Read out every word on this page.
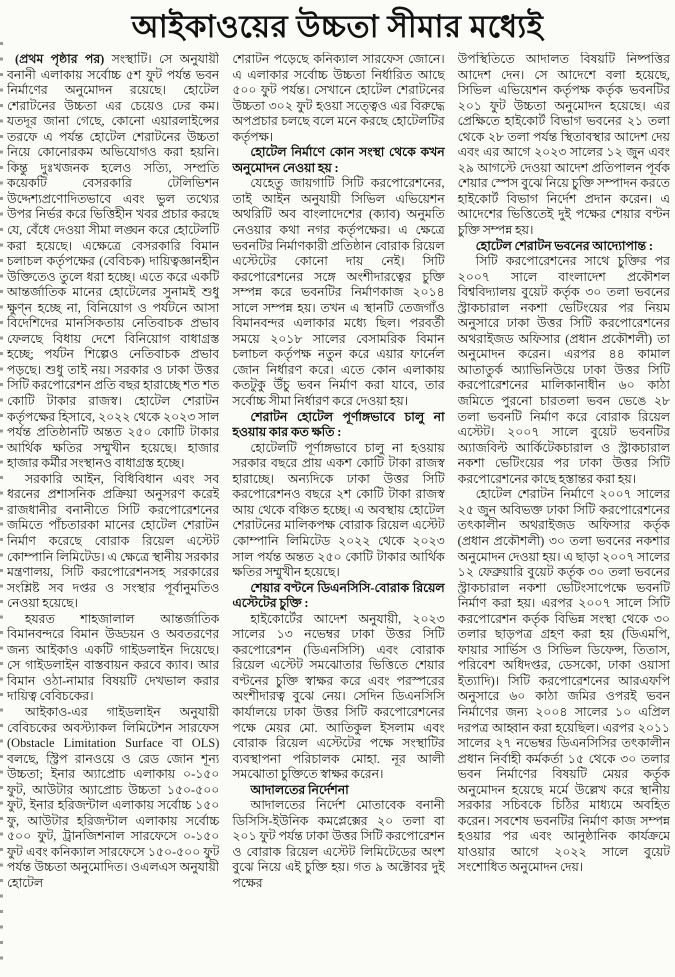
আইকাওয়ের উচ্চতা সীমার মধ্যেই

(প্রথম পৃষ্ঠার পর) সংস্থাটি। সে অনুযায়ী বনানী এলাকায় সর্বোচ্চ ৫শ ফুট পর্যন্ত ভবন নির্মাণের অনুমোদন রয়েছে। হোটেল শেরাটনের উচ্চতা এর চেয়েও ঢের কম। যতদূর জানা গেছে, কোনো এয়ারলাইন্সের তরফে এ পর্যন্ত হোটেল শেরাটনের উচ্চতা নিয়ে কোনোরকম অভিযোগও করা হয়নি। কিন্তু দুঃখজনক হলেও সত্যি, সম্প্রতি কয়েকটি বেসরকারি টেলিভিশন উদ্দেশ্যপ্রণোদিতভাবে এবং ভুল তথ্যের উপর নির্ভর করে ভিত্তিহীন খবর প্রচার করছে যে, বেঁধে দেওয়া সীমা লঙ্ঘন করে হোটেলটি করা হয়েছে। এক্ষেত্রে বেসরকারি বিমান চলাচল কর্তৃপক্ষের (বেবিচক) দায়িত্বজ্ঞানহীন উক্তিতেও তুলে ধরা হচ্ছে। এতে করে একটি আন্তর্জাতিক মানের হোটেলের সুনামই শুধু ক্ষুণ্ন হচ্ছে না, বিনিয়োগ ও পর্যটনে আসা বিদেশিদের মানসিকতায় নেতিবাচক প্রভাব ফেলছে বিধায় দেশে বিনিয়োগ বাধাগ্রস্ত হচ্ছে; পর্যটন শিল্পেও নেতিবাচক প্রভাব পড়ছে। শুধু তাই নয়। সরকার ও ঢাকা উত্তর সিটি করপোরেশন প্রতি বছর হারাচ্ছে শত শত কোটি টাকার রাজস্ব। হোটেল শেরাটন কর্তৃপক্ষের হিসাবে, ২০২২ থেকে ২০২৩ সাল পর্যন্ত প্রতিষ্ঠানটি অন্তত ২৫০ কোটি টাকার আর্থিক ক্ষতির সম্মুখীন হয়েছে। হাজার হাজার কর্মীর সংস্থানও বাধাগ্রস্ত হচ্ছে।

সরকারি আইন, বিধিবিধান এবং সব ধরনের প্রশাসনিক প্রক্রিয়া অনুসরণ করেই রাজধানীর বনানীতে সিটি করপোরেশনের জমিতে পাঁচতারকা মানের হোটেল শেরাটন নির্মাণ করেছে বোরাক রিয়েল এস্টেট কোম্পানি লিমিটেড। এ ক্ষেত্রে স্থানীয় সরকার মন্ত্রণালয়, সিটি করপোরেশনসহ সরকারের সংশ্লিষ্ট সব দপ্তর ও সংস্থার পূর্বানুমতিও নেওয়া হয়েছে।

হযরত শাহজালাল আন্তর্জাতিক বিমানবন্দরে বিমান উড্ডয়ন ও অবতরণের জন্য আইকাও একটি গাইডলাইন দিয়েছে। সে গাইডলাইন বাস্তবায়ন করবে ক্যাব। আর বিমান ওঠা-নামার বিষয়টি দেখভাল করার দায়িত্ব বেবিচকের।

আইকাও-এর গাইডলাইন অনুযায়ী বেবিচকের অবস্ট্যাকল লিমিটেশন সারফেস (Obstacle Limitation Surface বা OLS) বলছে, স্ট্রিপ রানওয়ে ও রেড জোন শূন্য উচ্চতা; ইনার অ্যাপ্রোচ এলাকায় ০-১৫০ ফুট, আউটার অ্যাপ্রোচ উচ্চতা ১৫০-৫০০ ফুট, ইনার হরিজন্টাল এলাকায় সর্বোচ্চ ১৫০ ফু, আউটার হরিজন্টাল এলাকায় সর্বোচ্চ ৫০০ ফুট, ট্রানজিশনাল সারফেসে ০-১৫০ ফুট এবং কনিক্যাল সারফেসে ১৫০-৫০০ ফুট পর্যন্ত উচ্চতা অনুমোদিত। ওএলএস অনুযায়ী হোটেল

শেরাটন পড়েছে কনিক্যাল সারফেস জোনে। এ এলাকার সর্বোচ্চ উচ্চতা নির্ধারিত আছে ৫০০ ফুট পর্যন্ত। সেখানে হোটেল শেরাটনের উচ্চতা ৩০২ ফুট হওয়া সত্ত্বেও এর বিরুদ্ধে অপপ্রচার চলছে বলে মনে করছে হোটেলটির কর্তৃপক্ষ।

হোটেল নির্মাণে কোন সংস্থা থেকে কখন অনুমোদন নেওয়া হয় :

যেহেতু জায়গাটি সিটি করপোরেশনের, তাই আইন অনুযায়ী সিভিল এভিয়েশন অথরিটি অব বাংলাদেশের (ক্যাব) অনুমতি নেওয়ার কথা নগর কর্তৃপক্ষের। এ ক্ষেত্রে ভবনটির নির্মাণকারী প্রতিষ্ঠান বোরাক রিয়েল এস্টেটের কোনো দায় নেই। সিটি করপোরেশনের সঙ্গে অংশীদারত্বের চুক্তি সম্পন্ন করে ভবনটির নির্মাণকাজ ২০১৪ সালে সম্পন্ন হয়। তখন এ স্থানটি তেজগাঁও বিমানবন্দর এলাকার মধ্যে ছিল। পরবর্তী সময়ে ২০১৮ সালের বেসামরিক বিমান চলাচল কর্তৃপক্ষ নতুন করে এয়ার ফার্নেল জোন নির্ধারণ করে। এতে কোন এলাকায় কতটুকু উঁচু ভবন নির্মাণ করা যাবে, তার সর্বোচ্চ সীমা নির্ধারণ করে দেওয়া হয়।

শেরাটন হোটেল পূর্ণাঙ্গভাবে চালু না হওয়ায় কার কত ক্ষতি :

হোটেলটি পূর্ণাঙ্গভাবে চালু না হওয়ায় সরকার বছরে প্রায় একশ কোটি টাকা রাজস্ব হারাচ্ছে। অন্যদিকে ঢাকা উত্তর সিটি করপোরেশনও বছরে ২শ কোটি টাকা রাজস্ব আয় থেকে বঞ্চিত হচ্ছে। এ অবস্থায় হোটেল শেরাটনের মালিকপক্ষ বোরাক রিয়েল এস্টেট কোম্পানি লিমিটেড ২০২২ থেকে ২০২৩ সাল পর্যন্ত অন্তত ২৫০ কোটি টাকার আর্থিক ক্ষতির সম্মুখীন হয়েছে।

শেয়ার বণ্টনে ডিএনসিসি-বোরাক রিয়েল এস্টেটের চুক্তি :

হাইকোর্টের আদেশ অনুযায়ী, ২০২৩ সালের ১৩ নভেম্বর ঢাকা উত্তর সিটি করপোরেশন (ডিএনসিসি) এবং বোরাক রিয়েল এস্টেট সমঝোতার ভিত্তিতে শেয়ার বণ্টনের চুক্তি স্বাক্ষর করে এবং পরস্পরের অংশীদারত্ব বুঝে নেয়। সেদিন ডিএনসিসি কার্যালয়ে ঢাকা উত্তর সিটি করপোরেশনের পক্ষে মেয়র মো. আতিকুল ইসলাম এবং বোরাক রিয়েল এস্টেটের পক্ষে সংস্থাটির ব্যবস্থাপনা পরিচালক মোহা. নূর আলী সমঝোতা চুক্তিতে স্বাক্ষর করেন।

আদালতের নির্দেশনা

আদালতের নির্দেশ মোতাবেক বনানী ডিসিসি-ইউনিক কমপ্লেক্সের ২০ তলা বা ২০১ ফুট পর্যন্ত ঢাকা উত্তর সিটি করপোরেশন ও বোরাক রিয়েল এস্টেট লিমিটেডের অংশ বুঝে নিয়ে এই চুক্তি হয়। গত ৯ অক্টোবর দুই পক্ষের

উপস্থিতিতে আদালত বিষয়টি নিষ্পত্তির আদেশ দেন। সে আদেশে বলা হয়েছে, সিভিল এভিয়েশন কর্তৃপক্ষ কর্তৃক ভবনটির ২০১ ফুট উচ্চতা অনুমোদন হয়েছে। এর প্রেক্ষিতে হাইকোর্ট বিভাগ ভবনের ২১ তলা থেকে ২৮ তলা পর্যন্ত স্থিতাবস্থার আদেশ দেয় এবং এর আগে ২০২৩ সালের ১২ জুন এবং ২৯ আগস্টে দেওয়া আদেশ প্রতিপালন পূর্বক শেয়ার স্পেস বুঝে নিয়ে চুক্তি সম্পাদন করতে হাইকোর্ট বিভাগ নির্দেশ প্রদান করেন। এ আদেশের ভিত্তিতেই দুই পক্ষের শেয়ার বণ্টন চুক্তি সম্পন্ন হয়।

হোটেল শেরাটন ভবনের আদ্যোপান্ত :

সিটি করপোরেশনের সাথে চুক্তির পর ২০০৭ সালে বাংলাদেশ প্রকৌশল বিশ্ববিদ্যালয় বুয়েট কর্তৃক ৩০ তলা ভবনের স্ট্রাকচারাল নকশা ভেটিংয়ের পর নিয়ম অনুসারে ঢাকা উত্তর সিটি করপোরেশনের অথরাইজড অফিসার (প্রধান প্রকৌশলী) তা অনুমোদন করেন। এরপর ৪৪ কামাল আতাতুর্ক অ্যাভিনিউয়ে ঢাকা উত্তর সিটি করপোরেশনের মালিকানাধীন ৬০ কাঠা জমিতে পুরনো চারতলা ভবন ভেঙে ২৮ তলা ভবনটি নির্মাণ করে বোরাক রিয়েল এস্টেট। ২০০৭ সালে বুয়েট ভবনটির অ্যাজবিল্ট আর্কিটেকচারাল ও স্ট্রাকচারাল নকশা ভেটিংয়ের পর ঢাকা উত্তর সিটি করপোরেশনের কাছে হস্তান্তর করা হয়।

হোটেল শেরাটন নির্মাণে ২০০৭ সালের ২৫ জুন অবিভক্ত ঢাকা সিটি করপোরেশনের তৎকালীন অথরাইজড অফিসার কর্তৃক (প্রধান প্রকৌশলী) ৩০ তলা ভবনের নকশার অনুমোদন দেওয়া হয়। এ ছাড়া ২০০৭ সালের ১২ ফেব্রুয়ারি বুয়েট কর্তৃক ৩০ তলা ভবনের স্ট্রাকচারাল নকশা ভেটিংসাপেক্ষে ভবনটি নির্মাণ করা হয়। এরপর ২০০৭ সালে সিটি করপোরেশন কর্তৃক বিভিন্ন সংস্থা থেকে ৩০ তলার ছাড়পত্র গ্রহণ করা হয় (ডিএমপি, ফায়ার সার্ভিস ও সিভিল ডিফেন্স, তিতাস, পরিবেশ অধিদপ্তর, ডেসকো, ঢাকা ওয়াসা ইত্যাদি)। সিটি করপোরেশনের আরএফপি অনুসারে ৬০ কাঠা জমির ওপরই ভবন নির্মাণের জন্য ২০০৪ সালের ১০ এপ্রিল দরপত্র আহ্বান করা হয়েছিল। এরপর ২০১১ সালের ২৭ নভেম্বর ডিএনসিসির তৎকালীন প্রধান নির্বাহী কর্মকর্তা ১৫ থেকে ৩০ তলার ভবন নির্মাণের বিষয়টি মেয়র কর্তৃক অনুমোদন হয়েছে মর্মে উল্লেখ করে স্থানীয় সরকার সচিবকে চিঠির মাধ্যমে অবহিত করেন। সবশেষ ভবনটির নির্মাণ কাজ সম্পন্ন হওয়ার পর এবং আনুষ্ঠানিক কার্যক্রমে যাওয়ার আগে ২০২২ সালে বুয়েট সংশোধিত অনুমোদন দেয়।
